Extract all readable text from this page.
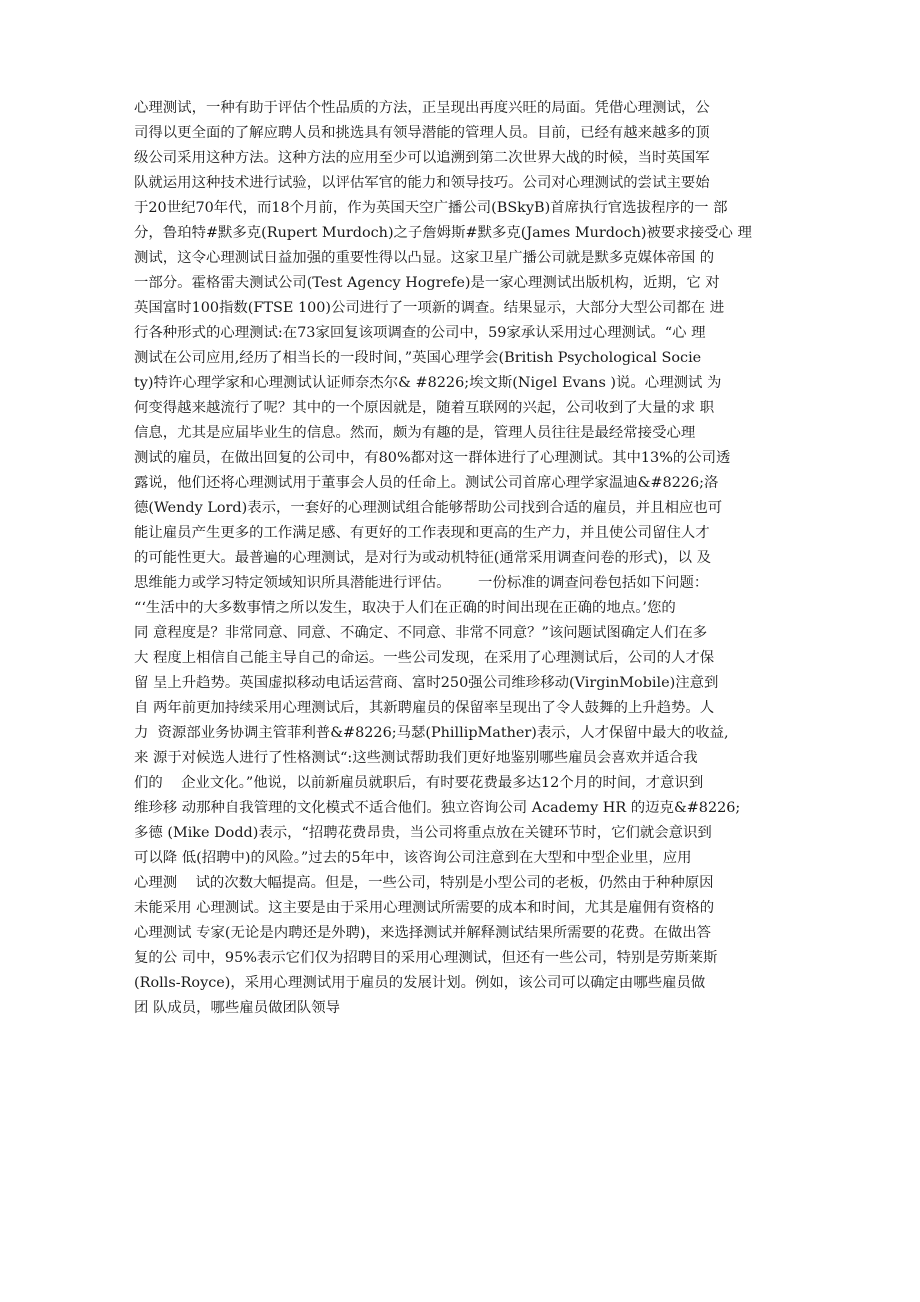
心理测试，一种有助于评估个性品质的方法，正呈现出再度兴旺的局面。凭借心理测试，公
司得以更全面的了解应聘人员和挑选具有领导潜能的管理人员。目前，已经有越来越多的顶
级公司采用这种方法。这种方法的应用至少可以追溯到第二次世界大战的时候，当时英国军
队就运用这种技术进行试验，以评估军官的能力和领导技巧。公司对心理测试的尝试主要始
于20世纪70年代，而18个月前，作为英国天空广播公司(BSkyB)首席执行官选拔程序的一 部
分，鲁珀特#默多克(Rupert Murdoch)之子詹姆斯#默多克(James Murdoch)被要求接受心 理
测试，这令心理测试日益加强的重要性得以凸显。这家卫星广播公司就是默多克媒体帝国 的
一部分。霍格雷夫测试公司(Test Agency Hogrefe)是一家心理测试出版机构，近期，它 对
英国富时100指数(FTSE 100)公司进行了一项新的调查。结果显示，大部分大型公司都在 进
行各种形式的心理测试:在73家回复该项调查的公司中，59家承认采用过心理测试。“心 理
测试在公司应用,经历了相当长的一段时间，”英国心理学会(British Psychological Socie
ty)特许心理学家和心理测试认证师奈杰尔& #8226;埃文斯(Nigel Evans )说。心理测试 为
何变得越来越流行了呢？其中的一个原因就是，随着互联网的兴起，公司收到了大量的求 职
信息，尤其是应届毕业生的信息。然而，颇为有趣的是，管理人员往往是最经常接受心理
测试的雇员，在做出回复的公司中，有80%都对这一群体进行了心理测试。其中13%的公司透
露说，他们还将心理测试用于董事会人员的任命上。测试公司首席心理学家温迪&#8226;洛
德(Wendy Lord)表示，一套好的心理测试组合能够帮助公司找到合适的雇员，并且相应也可
能让雇员产生更多的工作满足感、有更好的工作表现和更高的生产力，并且使公司留住人才
的可能性更大。最普遍的心理测试，是对行为或动机特征(通常采用调查问卷的形式)，以 及
思维能力或学习特定领域知识所具潜能进行评估。      一份标准的调查问卷包括如下问题：
“‘生活中的大多数事情之所以发生，取决于人们在正确的时间出现在正确的地点。’您的
同 意程度是？非常同意、同意、不确定、不同意、非常不同意？”该问题试图确定人们在多
大 程度上相信自己能主导自己的命运。一些公司发现，在采用了心理测试后，公司的人才保
留 呈上升趋势。英国虚拟移动电话运营商、富时250强公司维珍移动(VirginMobile)注意到
自 两年前更加持续采用心理测试后，其新聘雇员的保留率呈现出了令人鼓舞的上升趋势。人
力  资源部业务协调主管菲利普&#8226;马瑟(PhillipMather)表示，人才保留中最大的收益,
来 源于对候选人进行了性格测试“:这些测试帮助我们更好地鉴别哪些雇员会喜欢并适合我
们的    企业文化。”他说，以前新雇员就职后，有时要花费最多达12个月的时间，才意识到
维珍移 动那种自我管理的文化模式不适合他们。独立咨询公司 Academy HR 的迈克&#8226;
多德 (Mike Dodd)表示，“招聘花费昂贵，当公司将重点放在关键环节时，它们就会意识到
可以降 低(招聘中)的风险。”过去的5年中，该咨询公司注意到在大型和中型企业里，应用
心理测    试的次数大幅提高。但是，一些公司，特别是小型公司的老板，仍然由于种种原因
未能采用 心理测试。这主要是由于采用心理测试所需要的成本和时间，尤其是雇佣有资格的
心理测试 专家(无论是内聘还是外聘)，来选择测试并解释测试结果所需要的花费。在做出答
复的公 司中，95%表示它们仅为招聘目的采用心理测试，但还有一些公司，特别是劳斯莱斯
(Rolls-Royce)，采用心理测试用于雇员的发展计划。例如，该公司可以确定由哪些雇员做
团 队成员，哪些雇员做团队领导
